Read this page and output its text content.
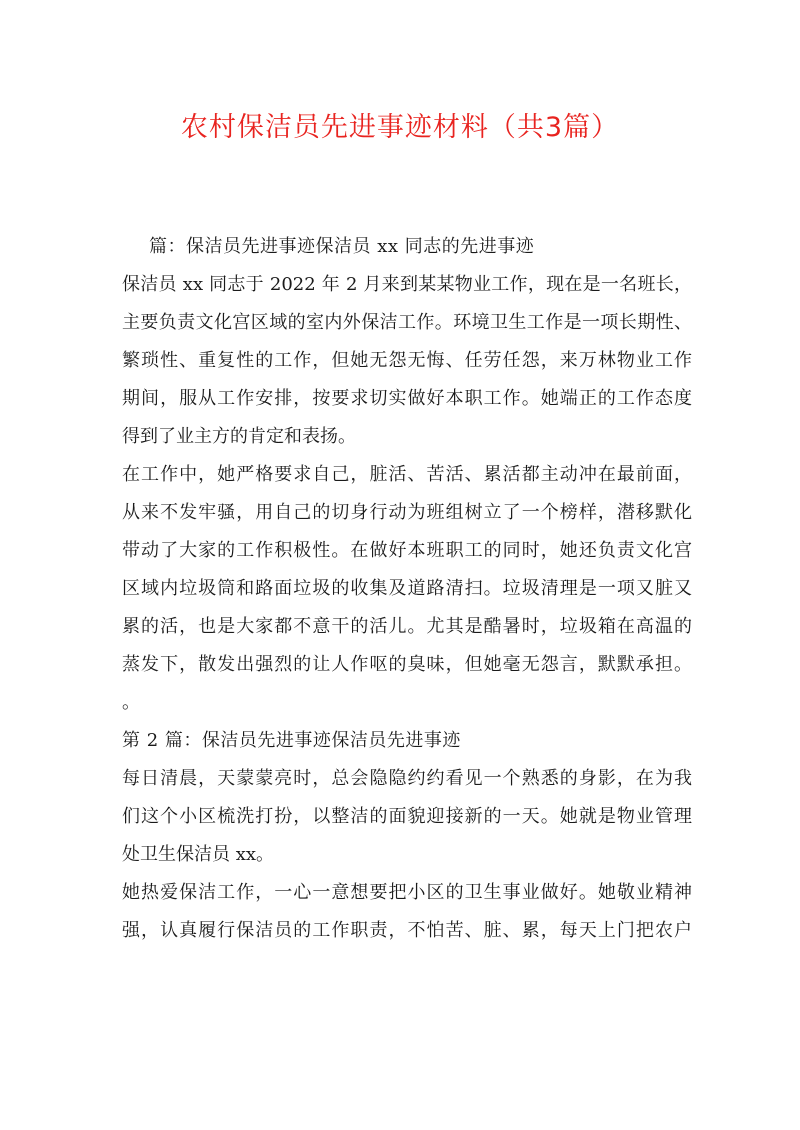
农村保洁员先进事迹材料（共3篇）
篇：保洁员先进事迹保洁员 xx 同志的先进事迹
保洁员 xx 同志于 2022 年 2 月来到某某物业工作，现在是一名班长，
主要负责文化宫区域的室内外保洁工作。环境卫生工作是一项长期性、
繁琐性、重复性的工作，但她无怨无悔、任劳任怨，来万林物业工作
期间，服从工作安排，按要求切实做好本职工作。她端正的工作态度
得到了业主方的肯定和表扬。
在工作中，她严格要求自己，脏活、苦活、累活都主动冲在最前面，
从来不发牢骚，用自己的切身行动为班组树立了一个榜样，潜移默化
带动了大家的工作积极性。在做好本班职工的同时，她还负责文化宫
区域内垃圾筒和路面垃圾的收集及道路清扫。垃圾清理是一项又脏又
累的活，也是大家都不意干的活儿。尤其是酷暑时，垃圾箱在高温的
蒸发下，散发出强烈的让人作呕的臭味，但她毫无怨言，默默承担。
。
第 2 篇：保洁员先进事迹保洁员先进事迹
每日清晨，天蒙蒙亮时，总会隐隐约约看见一个熟悉的身影，在为我
们这个小区梳洗打扮，以整洁的面貌迎接新的一天。她就是物业管理
处卫生保洁员 xx。
她热爱保洁工作，一心一意想要把小区的卫生事业做好。她敬业精神
强，认真履行保洁员的工作职责，不怕苦、脏、累，每天上门把农户
